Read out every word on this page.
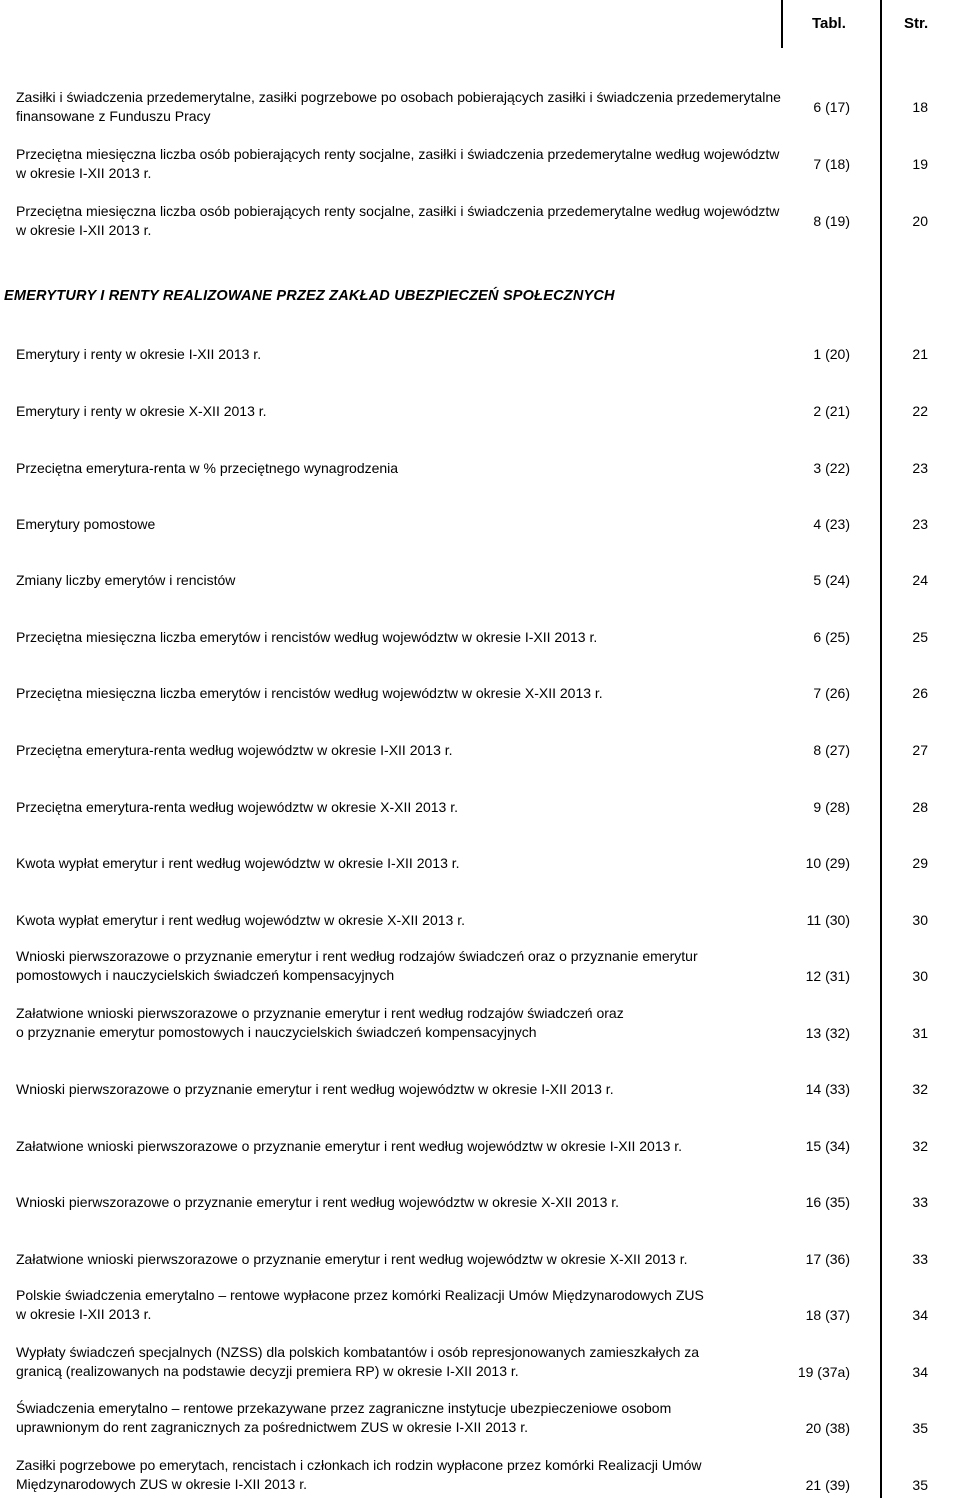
Tabl.	Str.
Zasiłki i świadczenia przedemerytalne, zasiłki pogrzebowe po osobach pobierających zasiłki i świadczenia przedemerytalne finansowane z Funduszu Pracy
6 (17)	18
Przeciętna miesięczna liczba osób pobierających renty socjalne, zasiłki i świadczenia przedemerytalne według województw w okresie I-XII 2013 r.
7 (18)	19
Przeciętna miesięczna liczba osób pobierających renty socjalne, zasiłki i świadczenia przedemerytalne według województw w okresie I-XII 2013 r.
8 (19)	20
EMERYTURY I RENTY REALIZOWANE PRZEZ ZAKŁAD UBEZPIECZEŃ SPOŁECZNYCH
Emerytury i renty w okresie I-XII 2013 r.	1 (20)	21
Emerytury i renty w okresie X-XII 2013 r.	2 (21)	22
Przeciętna emerytura-renta w % przeciętnego wynagrodzenia	3 (22)	23
Emerytury pomostowe	4 (23)	23
Zmiany liczby emerytów i rencistów	5 (24)	24
Przeciętna miesięczna liczba emerytów i rencistów według województw w okresie I-XII 2013 r.	6 (25)	25
Przeciętna miesięczna liczba emerytów i rencistów według województw w okresie X-XII 2013 r.	7 (26)	26
Przeciętna emerytura-renta według województw w okresie I-XII 2013 r.	8 (27)	27
Przeciętna emerytura-renta według województw w okresie X-XII 2013 r.	9 (28)	28
Kwota wypłat emerytur i rent według województw w okresie I-XII 2013 r.	10 (29)	29
Kwota wypłat emerytur i rent według województw w okresie X-XII 2013 r.	11 (30)	30
Wnioski pierwszorazowe o przyznanie emerytur i rent według rodzajów świadczeń oraz o przyznanie emerytur
pomostowych i nauczycielskich świadczeń kompensacyjnych	12 (31)	30
Załatwione wnioski pierwszorazowe o przyznanie emerytur i rent według rodzajów świadczeń oraz
o przyznanie emerytur pomostowych i nauczycielskich świadczeń kompensacyjnych	13 (32)	31
Wnioski pierwszorazowe o przyznanie emerytur i rent według województw w okresie I-XII 2013 r.	14 (33)	32
Załatwione wnioski pierwszorazowe o przyznanie emerytur i rent według województw w okresie I-XII 2013 r.	15 (34)	32
Wnioski pierwszorazowe o przyznanie emerytur i rent według województw w okresie X-XII 2013 r.	16 (35)	33
Załatwione wnioski pierwszorazowe o przyznanie emerytur i rent według województw w okresie X-XII 2013 r.	17 (36)	33
Polskie świadczenia emerytalno – rentowe wypłacone przez komórki Realizacji Umów Międzynarodowych ZUS
w okresie I-XII 2013 r.	18 (37)	34
Wypłaty świadczeń specjalnych (NZSS) dla polskich kombatantów i osób represjonowanych zamieszkałych za
granicą (realizowanych na podstawie decyzji premiera RP) w okresie I-XII 2013 r.	19 (37a)	34
Świadczenia emerytalno – rentowe przekazywane przez zagraniczne instytucje ubezpieczeniowe osobom
uprawnionym do rent zagranicznych za pośrednictwem ZUS w okresie I-XII 2013 r.	20 (38)	35
Zasiłki pogrzebowe po emerytach, rencistach i członkach ich rodzin wypłacone przez komórki Realizacji Umów
Międzynarodowych ZUS w okresie I-XII 2013 r.	21 (39)	35
